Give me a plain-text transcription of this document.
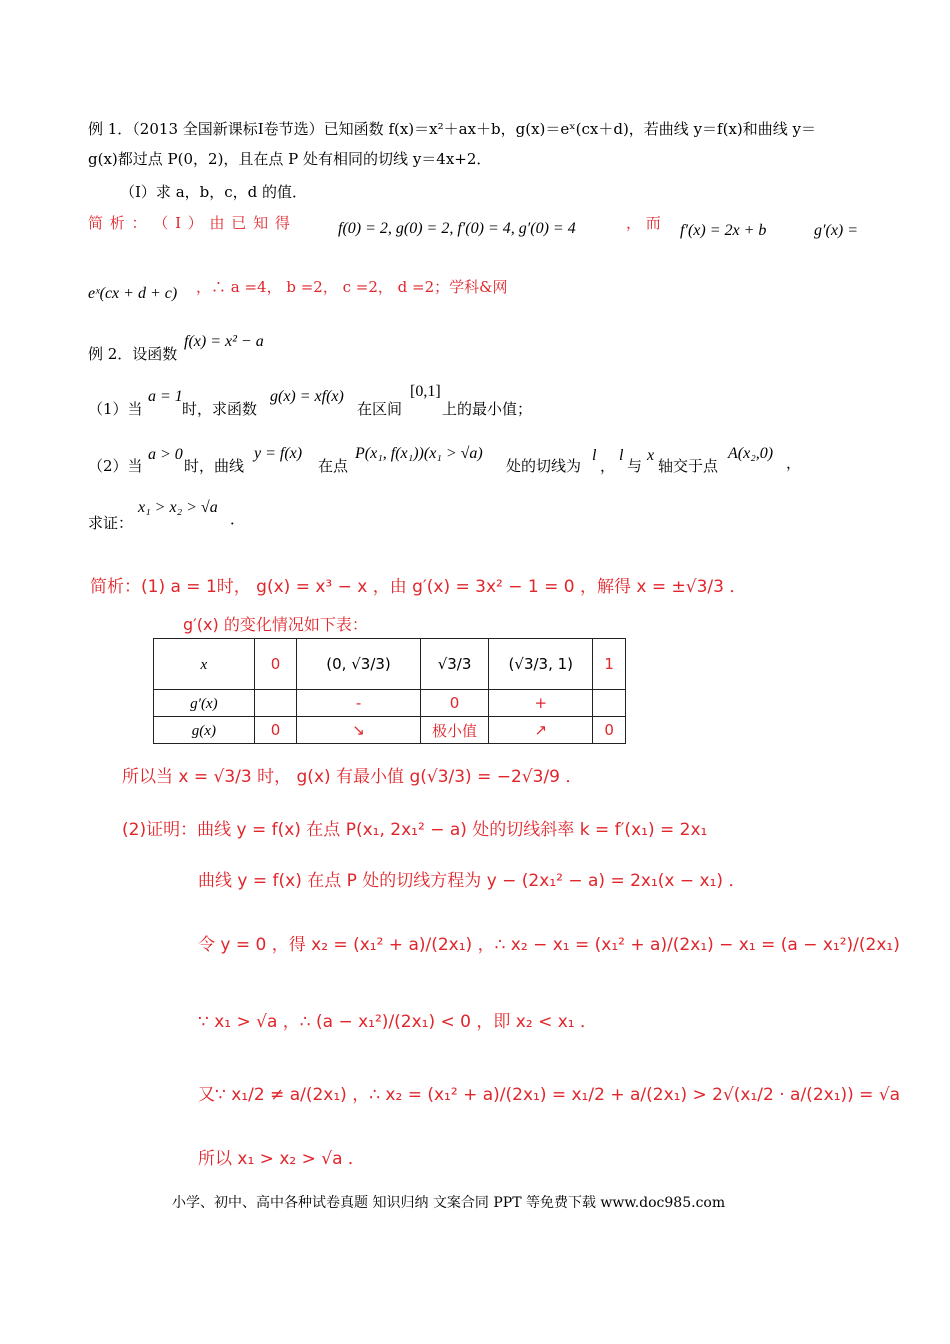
例 1．（2013 全国新课标Ⅰ卷节选）已知函数 f(x)＝x²＋ax＋b，g(x)＝eˣ(cx＋d)，若曲线 y＝f(x)和曲线 y＝
g(x)都过点 P(0，2)，且在点 P 处有相同的切线 y＝4x+2．
（Ⅰ）求 a，b，c，d 的值．
简 析 ： （ Ⅰ ） 由 已 知 得	f(0) = 2, g(0) = 2, f′(0) = 4, g′(0) = 4	， 而 f′(x) = 2x + b	g′(x) =
eˣ(cx + d + c) ，∴ a =4， b =2， c =2， d =2；学科&网
例 2．设函数
f(x) = x² − a
（1）当
a = 1
时，求函数
g(x) = xf(x)
在区间
[0,1]
上的最小值；
（2）当
a > 0
时，曲线
y = f(x)
在点
P(x₁, f(x₁))(x₁ > √a)
处的切线为
l
，
l
与
x
轴交于点
A(x₂,0)
，
求证：
x₁ > x₂ > √a
．
简析：(1) a = 1时， g(x) = x³ − x ，由 g′(x) = 3x² − 1 = 0 ，解得 x = ±√3/3 ．
g′(x) 的变化情况如下表：
x	0	(0, √3/3)	√3/3	(√3/3, 1)	1
g′(x)		-	0	+	
g(x)	0	↘	极小值	↗	0
所以当 x = √3/3 时， g(x) 有最小值 g(√3/3) = −2√3/9 ．
(2)证明：曲线 y = f(x) 在点 P(x₁, 2x₁² − a) 处的切线斜率 k = f′(x₁) = 2x₁
曲线 y = f(x) 在点 P 处的切线方程为 y − (2x₁² − a) = 2x₁(x − x₁) ．
令 y = 0 ，得 x₂ = (x₁² + a)/(2x₁) ，∴ x₂ − x₁ = (x₁² + a)/(2x₁) − x₁ = (a − x₁²)/(2x₁)
∵ x₁ > √a ，∴ (a − x₁²)/(2x₁) < 0 ，即 x₂ < x₁ ．
又∵ x₁/2 ≠ a/(2x₁) ，∴ x₂ = (x₁² + a)/(2x₁) = x₁/2 + a/(2x₁) > 2√(x₁/2 · a/(2x₁)) = √a
所以 x₁ > x₂ > √a ．
小学、初中、高中各种试卷真题 知识归纳 文案合同 PPT 等免费下载 www.doc985.com
